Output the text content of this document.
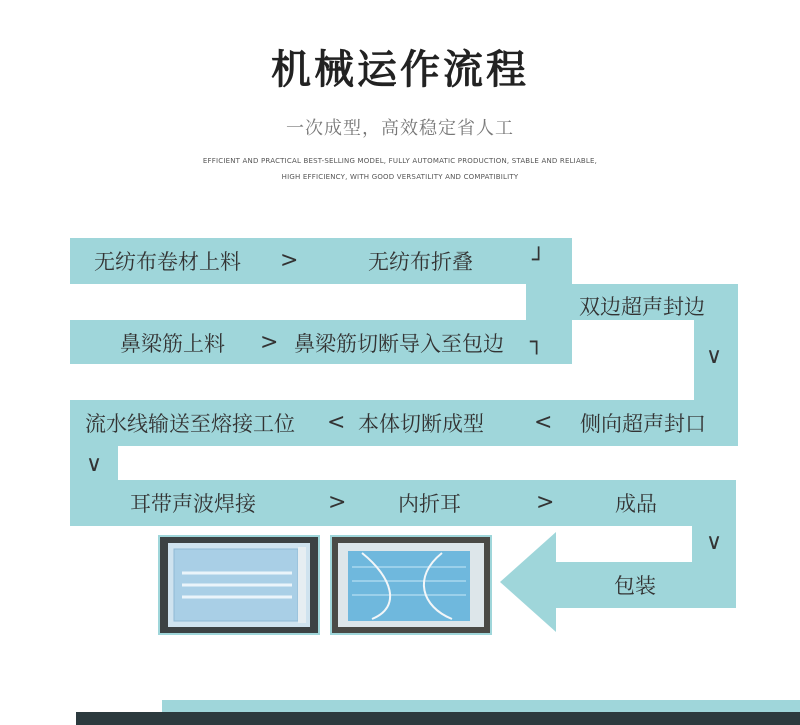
机械运作流程
一次成型，高效稳定省人工
EFFICIENT AND PRACTICAL BEST-SELLING MODEL, FULLY AUTOMATIC PRODUCTION, STABLE AND RELIABLE,
HIGH EFFICIENCY, WITH GOOD VERSATILITY AND COMPATIBILITY
无纺布卷材上料 >	无纺布折叠	┘
双边超声封边
鼻梁筋上料 > 鼻梁筋切断导入至包边 ┐
∨
流水线输送至熔接工位 < 本体切断成型 < 侧向超声封口
∨
耳带声波焊接	> 内折耳	>	成品
∨
包装
